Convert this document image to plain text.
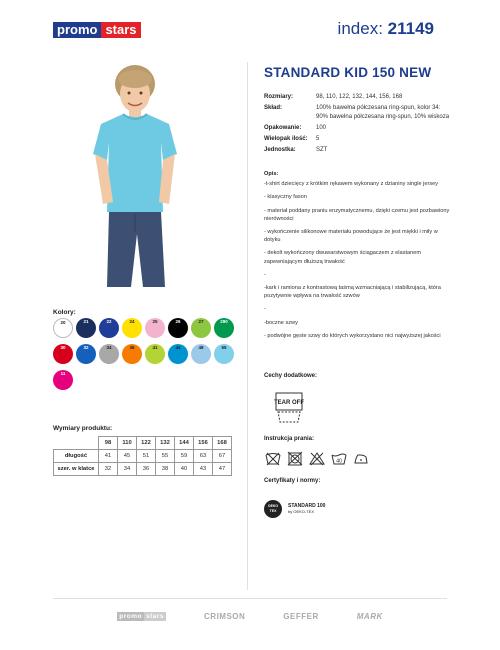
promo stars	index: 21149
STANDARD KID 150 NEW
Rozmiary:	98, 110, 122, 132, 144, 156, 168
Skład:	100% bawełna półczesana ring-spun, kolor 34: 90% bawełna półczesana ring-spun, 10% wiskoza
Opakowanie:	100
Wielopak ilość:	5
Jednostka:	SZT
Opis:

-t-shirt dziecięcy z krótkim rękawem wykonany z dzianiny single jersey

- klasyczny fason

- materiał poddany praniu enzymatycznemu, dzięki czemu jest pozbawiony nierówności

- wykończenie silikonowe materiału powodujące że jest miękki i miły w dotyku

- dekolt wykończony dwuwarstwowym ściągaczem z elastanem zapewniającym dłuższą trwałość

-

-kark i ramiona z kontrastową taśmą wzmacniającą i stabilizującą, która pozytywnie wpływa na trwałość szwów

-

-boczne szwy

- podwójne gęste szwy do których wykorzystano nici najwyższej jakości

Cechy dodatkowe:
TEAR OFF
Instrukcja prania:
40
Certyfikaty i normy:
OEKO TEX
STANDARD 100
by OEKO-TEX
Kolory:
20	21	22	24	25	26	27	290
30	32	34	36	41	44	48	65
11
Wymiary produktu:
	98	110	122	132	144	156	168
długość	41	45	51	55	59	63	67
szer. w klatce	32	34	36	38	40	43	47
promo stars	CRIMSON	GEFFER	MARK
